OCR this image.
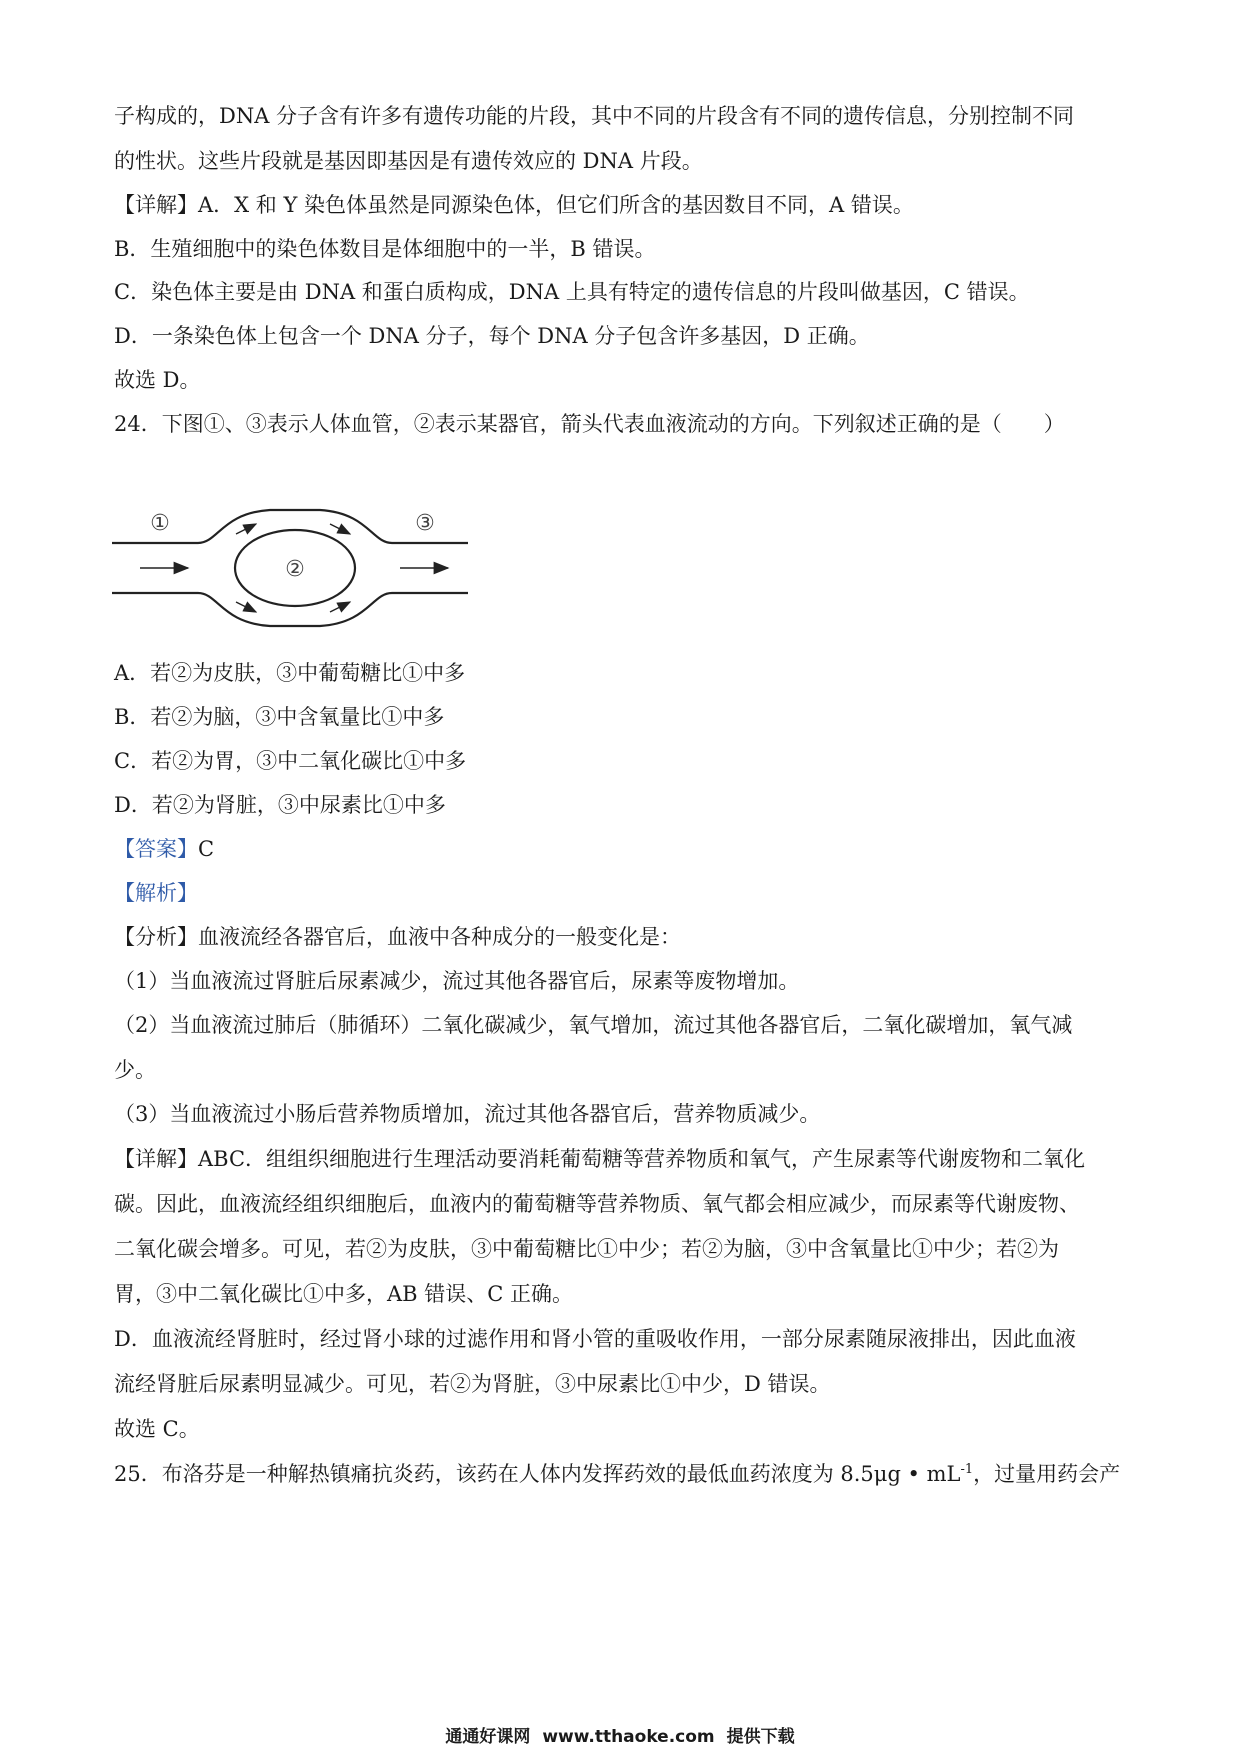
子构成的，DNA 分子含有许多有遗传功能的片段，其中不同的片段含有不同的遗传信息，分别控制不同
的性状。这些片段就是基因即基因是有遗传效应的 DNA 片段。
【详解】A．X 和 Y 染色体虽然是同源染色体，但它们所含的基因数目不同，A 错误。
B．生殖细胞中的染色体数目是体细胞中的一半，B 错误。
C．染色体主要是由 DNA 和蛋白质构成，DNA 上具有特定的遗传信息的片段叫做基因，C 错误。
D．一条染色体上包含一个 DNA 分子，每个 DNA 分子包含许多基因，D 正确。
故选 D。
24．下图①、③表示人体血管，②表示某器官，箭头代表血液流动的方向。下列叙述正确的是（　　）
①
②
③
A．若②为皮肤，③中葡萄糖比①中多
B．若②为脑，③中含氧量比①中多
C．若②为胃，③中二氧化碳比①中多
D．若②为肾脏，③中尿素比①中多
【答案】C
【解析】
【分析】血液流经各器官后，血液中各种成分的一般变化是：
（1）当血液流过肾脏后尿素减少，流过其他各器官后，尿素等废物增加。
（2）当血液流过肺后（肺循环）二氧化碳减少，氧气增加，流过其他各器官后，二氧化碳增加，氧气减
少。
（3）当血液流过小肠后营养物质增加，流过其他各器官后，营养物质减少。
【详解】ABC．组组织细胞进行生理活动要消耗葡萄糖等营养物质和氧气，产生尿素等代谢废物和二氧化
碳。因此，血液流经组织细胞后，血液内的葡萄糖等营养物质、氧气都会相应减少，而尿素等代谢废物、
二氧化碳会增多。可见，若②为皮肤，③中葡萄糖比①中少；若②为脑，③中含氧量比①中少；若②为
胃，③中二氧化碳比①中多，AB 错误、C 正确。
D．血液流经肾脏时，经过肾小球的过滤作用和肾小管的重吸收作用，一部分尿素随尿液排出，因此血液
流经肾脏后尿素明显减少。可见，若②为肾脏，③中尿素比①中少，D 错误。
故选 C。
25．布洛芬是一种解热镇痛抗炎药，该药在人体内发挥药效的最低血药浓度为 8.5μg • $mL^{-1}$，过量用药会产
通通好课网 www.tthaoke.com 提供下载
